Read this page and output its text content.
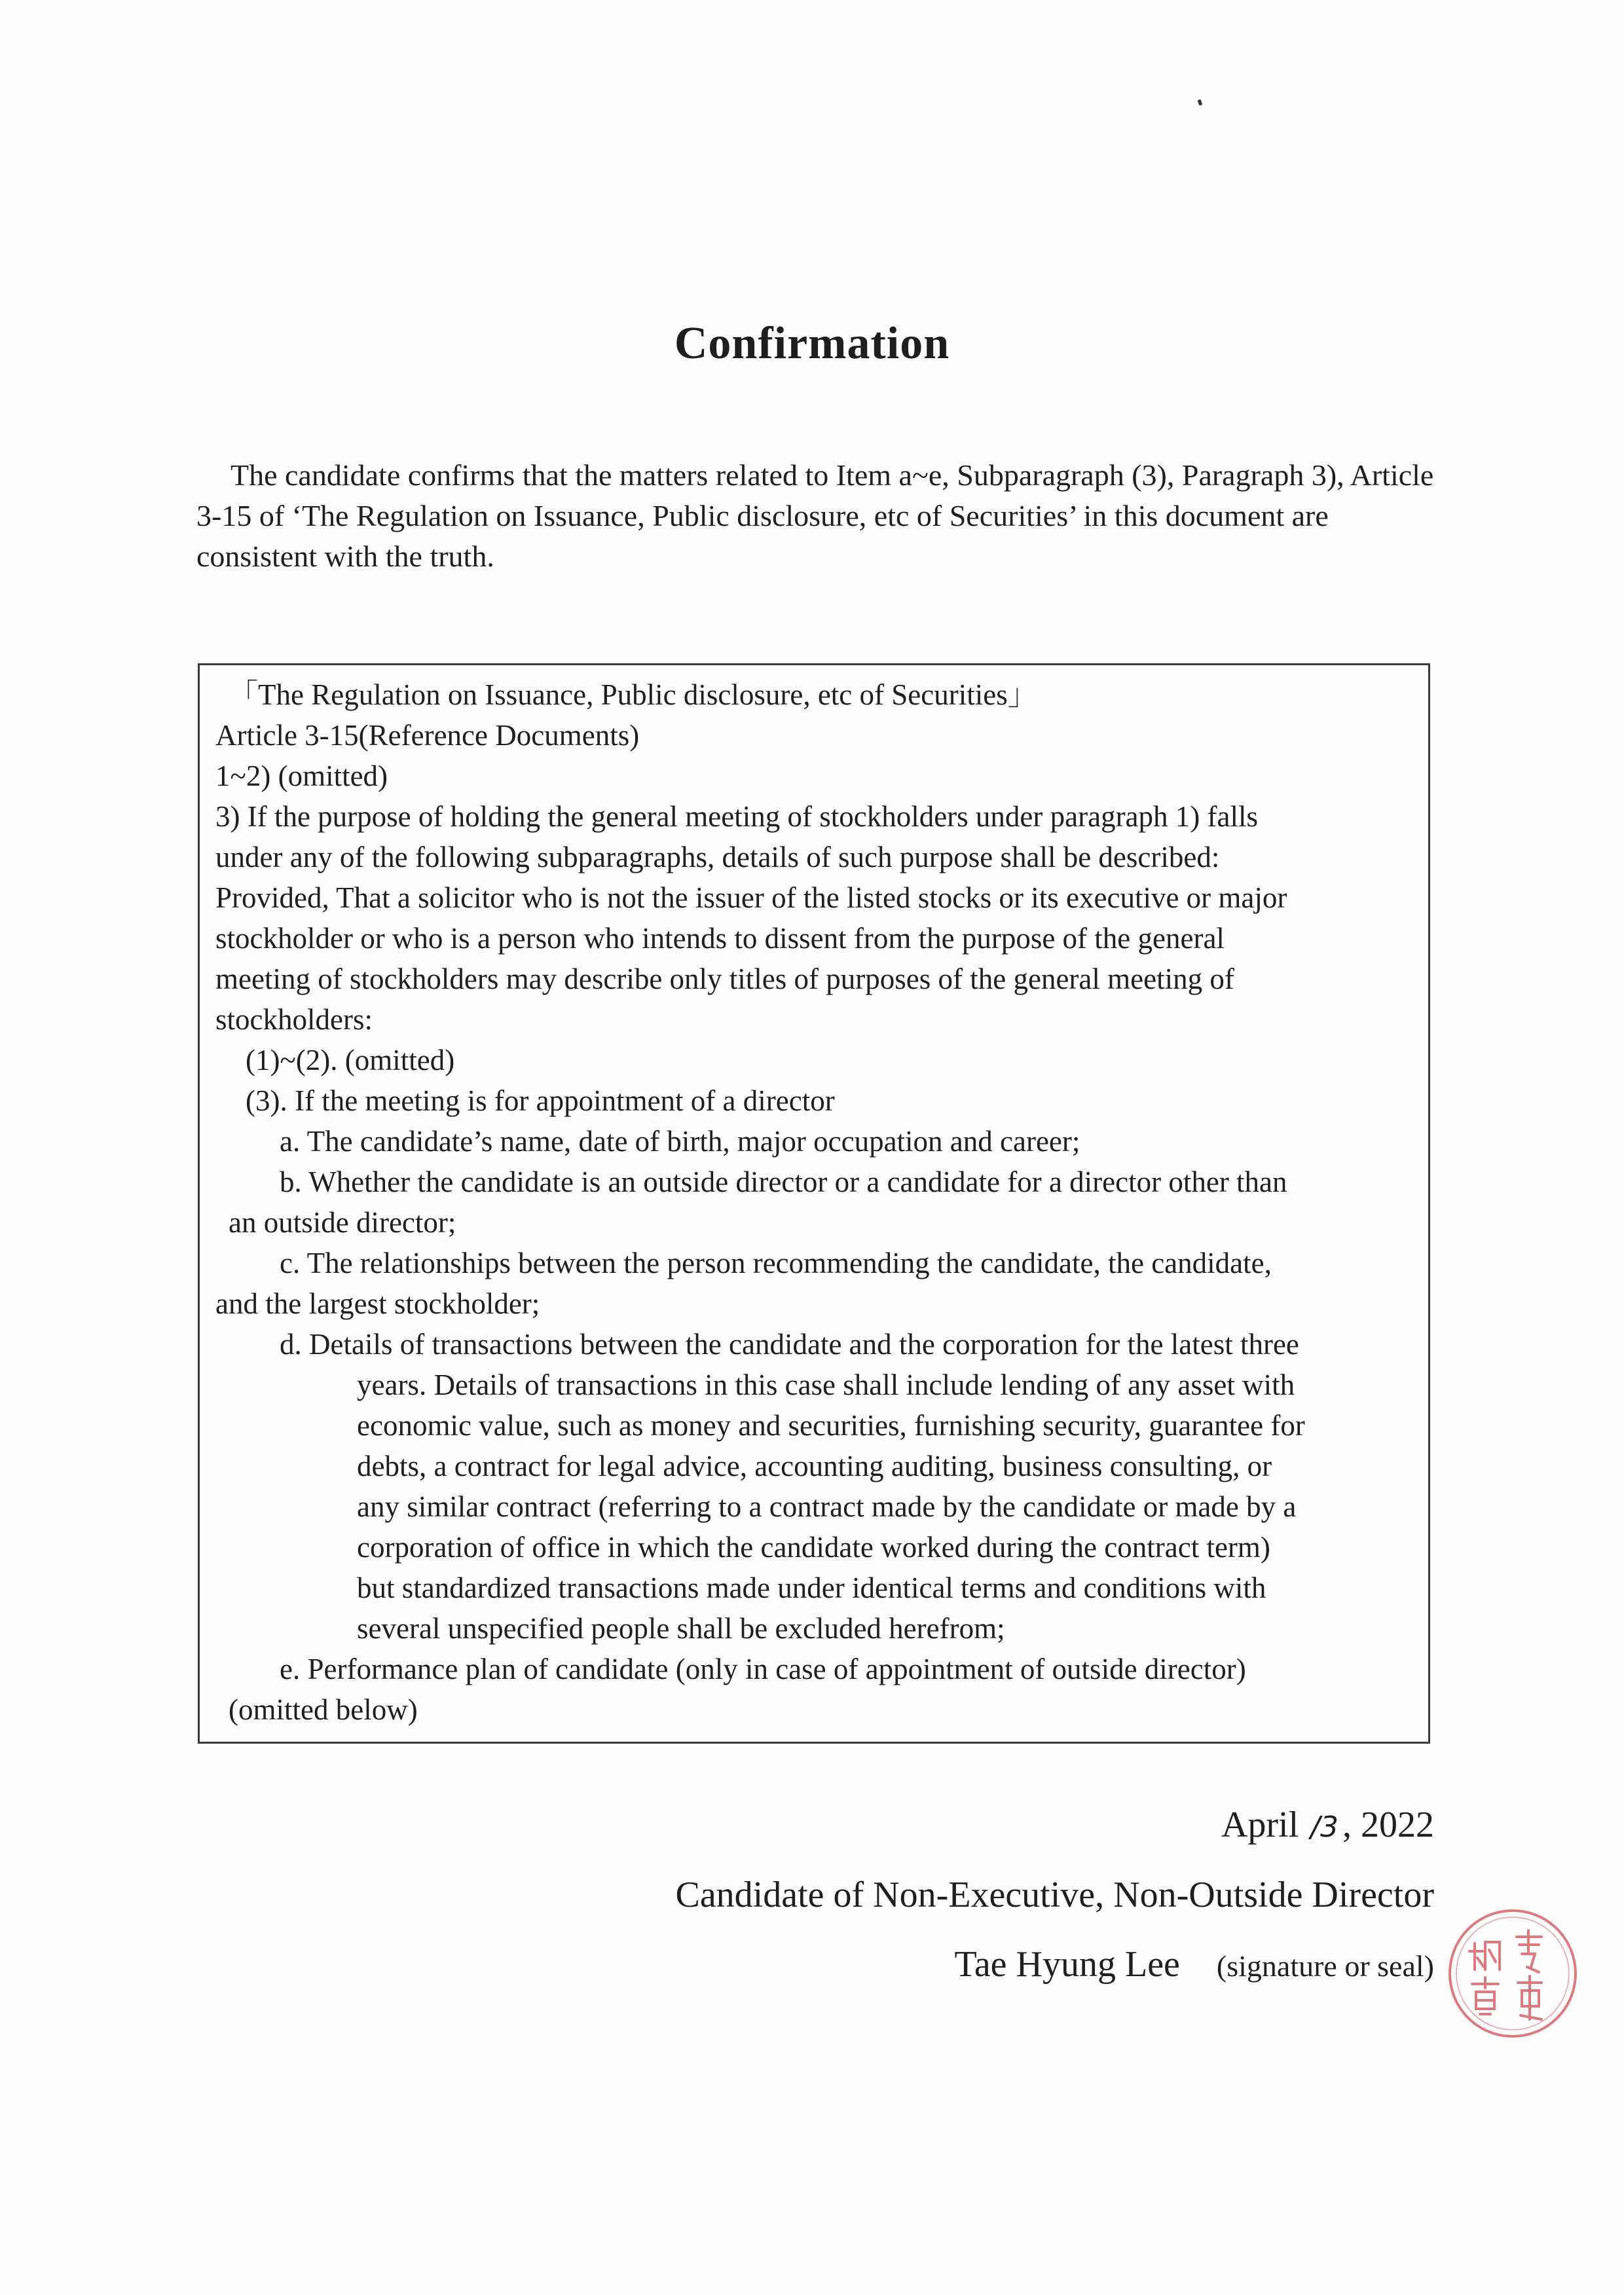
Confirmation
The candidate confirms that the matters related to Item a~e, Subparagraph (3), Paragraph 3), Article 3-15 of ‘The Regulation on Issuance, Public disclosure, etc of Securities’ in this document are consistent with the truth.
「The Regulation on Issuance, Public disclosure, etc of Securities」
Article 3-15(Reference Documents)
1~2) (omitted)
3) If the purpose of holding the general meeting of stockholders under paragraph 1) falls
under any of the following subparagraphs, details of such purpose shall be described:
Provided, That a solicitor who is not the issuer of the listed stocks or its executive or major
stockholder or who is a person who intends to dissent from the purpose of the general
meeting of stockholders may describe only titles of purposes of the general meeting of
stockholders:
(1)~(2). (omitted)
(3). If the meeting is for appointment of a director
a. The candidate’s name, date of birth, major occupation and career;
b. Whether the candidate is an outside director or a candidate for a director other than
an outside director;
c. The relationships between the person recommending the candidate, the candidate,
and the largest stockholder;
d. Details of transactions between the candidate and the corporation for the latest three
years. Details of transactions in this case shall include lending of any asset with
economic value, such as money and securities, furnishing security, guarantee for
debts, a contract for legal advice, accounting auditing, business consulting, or
any similar contract (referring to a contract made by the candidate or made by a
corporation of office in which the candidate worked during the contract term)
but standardized transactions made under identical terms and conditions with
several unspecified people shall be excluded herefrom;
e. Performance plan of candidate (only in case of appointment of outside director)
(omitted below)
April /3 , 2022
Candidate of Non-Executive, Non-Outside Director
Tae Hyung Lee (signature or seal)
